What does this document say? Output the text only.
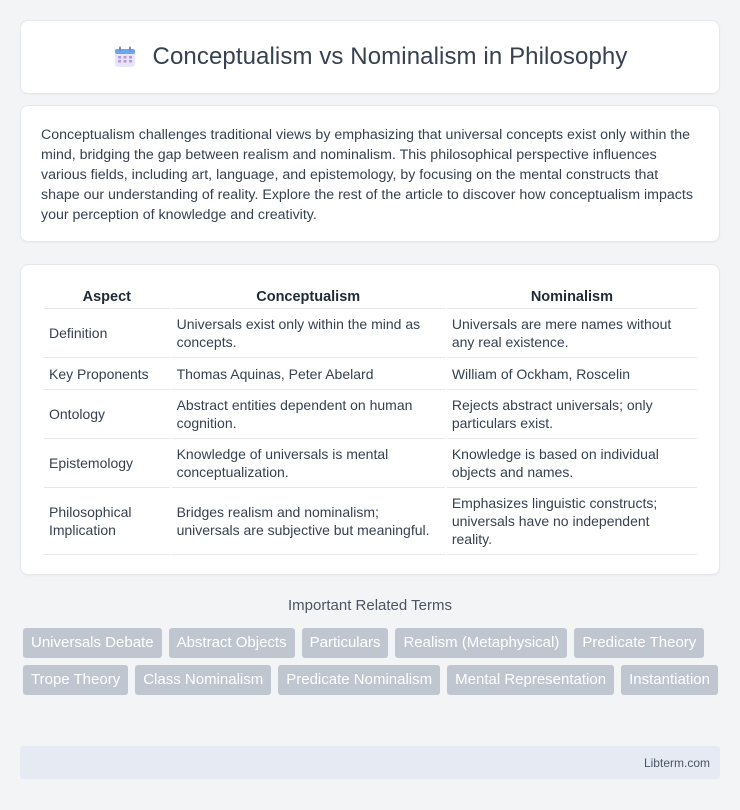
Conceptualism vs Nominalism in Philosophy

Conceptualism challenges traditional views by emphasizing that universal concepts exist only within the mind, bridging the gap between realism and nominalism. This philosophical perspective influences various fields, including art, language, and epistemology, by focusing on the mental constructs that shape our understanding of reality. Explore the rest of the article to discover how conceptualism impacts your perception of knowledge and creativity.

Aspect	Conceptualism	Nominalism
Definition	Universals exist only within the mind as concepts.	Universals are mere names without any real existence.
Key Proponents	Thomas Aquinas, Peter Abelard	William of Ockham, Roscelin
Ontology	Abstract entities dependent on human cognition.	Rejects abstract universals; only particulars exist.
Epistemology	Knowledge of universals is mental conceptualization.	Knowledge is based on individual objects and names.
Philosophical Implication	Bridges realism and nominalism; universals are subjective but meaningful.	Emphasizes linguistic constructs; universals have no independent reality.
Important Related Terms
Universals Debate	Abstract Objects	Particulars	Realism (Metaphysical)	Predicate Theory
Trope Theory	Class Nominalism	Predicate Nominalism	Mental Representation	Instantiation
Libterm.com
